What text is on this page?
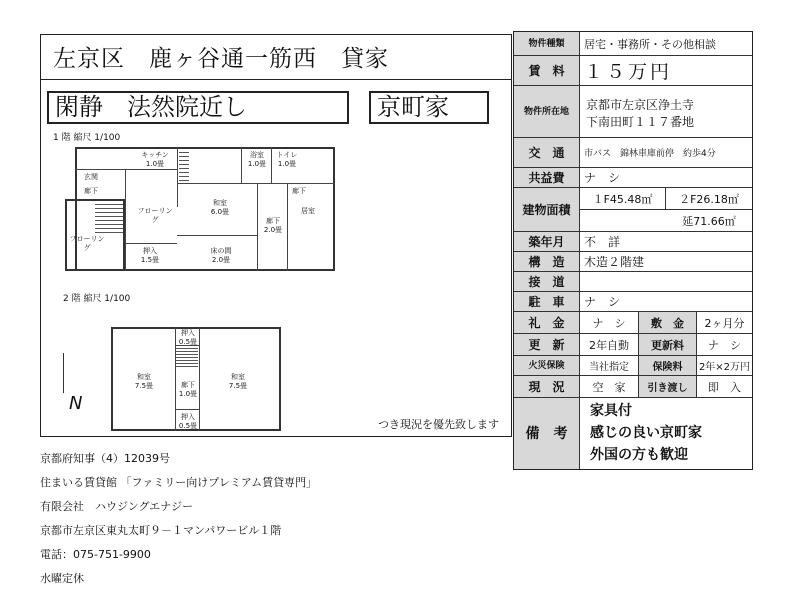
左京区　鹿ヶ谷通一筋西　貸家
閑静　法然院近し	京町家
1 階 縮尺 1/100
キッチン
1.0畳
浴室
1.0畳
トイレ
1.0畳
玄関
廊下	廊下
フローリング
和室
6.0畳
廊下
2.0畳
居室
フローリング	押入
1.5畳
床の間
2.0畳
2 階 縮尺 1/100
押入
0.5畳
和室
7.5畳	廊下
1.0畳
和室
7.5畳
押入
0.5畳
N
つき現況を優先致します
物件種類	居宅・事務所・その他相談
賃　料	１５万円
物件所在地	京都市左京区浄土寺
下南田町１１７番地
交　通	市バス　錦林車庫前停　約歩4分
共益費	ナ　シ
建物面積
１F45.48㎡	２F26.18㎡
延71.66㎡
築年月	不　詳
構　造	木造２階建
接　道
駐　車	ナ　シ
礼　金	ナ　シ	敷　金	2ヶ月分
更　新	2年自動	更新料	ナ　シ
火災保険	当社指定	保険料	2年×2万円
現　況	空　家	引き渡し	即　入
備　考
家具付
感じの良い京町家
外国の方も歓迎
京都府知事（4）12039号
住まいる賃貸館 「ファミリー向けプレミアム賃貸専門」
有限会社　ハウジングエナジー
京都市左京区東丸太町９－１マンパワービル１階
電話：075-751-9900
水曜定休
